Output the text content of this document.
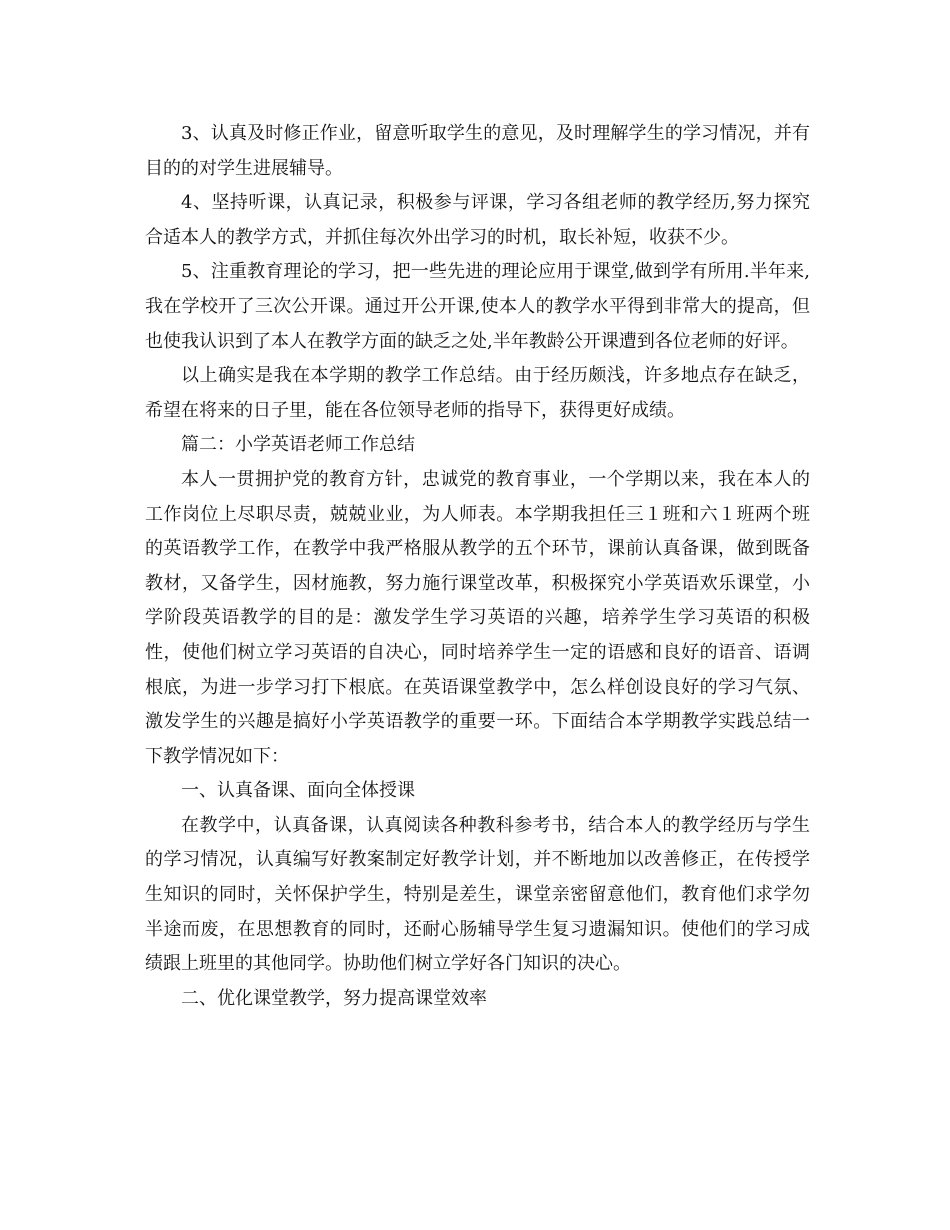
3、认真及时修正作业，留意听取学生的意见，及时理解学生的学习情况，并有目的的对学生进展辅导。

4、坚持听课，认真记录，积极参与评课，学习各组老师的教学经历,努力探究合适本人的教学方式，并抓住每次外出学习的时机，取长补短，收获不少。

5、注重教育理论的学习，把一些先进的理论应用于课堂,做到学有所用.半年来,我在学校开了三次公开课。通过开公开课,使本人的教学水平得到非常大的提高，但也使我认识到了本人在教学方面的缺乏之处,半年教龄公开课遭到各位老师的好评。

以上确实是我在本学期的教学工作总结。由于经历颇浅，许多地点存在缺乏，希望在将来的日子里，能在各位领导老师的指导下，获得更好成绩。

篇二：小学英语老师工作总结

本人一贯拥护党的教育方针，忠诚党的教育事业，一个学期以来，我在本人的工作岗位上尽职尽责，兢兢业业，为人师表。本学期我担任三１班和六１班两个班的英语教学工作，在教学中我严格服从教学的五个环节，课前认真备课，做到既备教材，又备学生，因材施教，努力施行课堂改革，积极探究小学英语欢乐课堂，小学阶段英语教学的目的是：激发学生学习英语的兴趣，培养学生学习英语的积极性，使他们树立学习英语的自决心，同时培养学生一定的语感和良好的语音、语调根底，为进一步学习打下根底。在英语课堂教学中，怎么样创设良好的学习气氛、激发学生的兴趣是搞好小学英语教学的重要一环。下面结合本学期教学实践总结一下教学情况如下：

一、认真备课、面向全体授课

在教学中，认真备课，认真阅读各种教科参考书，结合本人的教学经历与学生的学习情况，认真编写好教案制定好教学计划，并不断地加以改善修正，在传授学生知识的同时，关怀保护学生，特别是差生，课堂亲密留意他们，教育他们求学勿半途而废，在思想教育的同时，还耐心肠辅导学生复习遗漏知识。使他们的学习成绩跟上班里的其他同学。协助他们树立学好各门知识的决心。

二、优化课堂教学，努力提高课堂效率
